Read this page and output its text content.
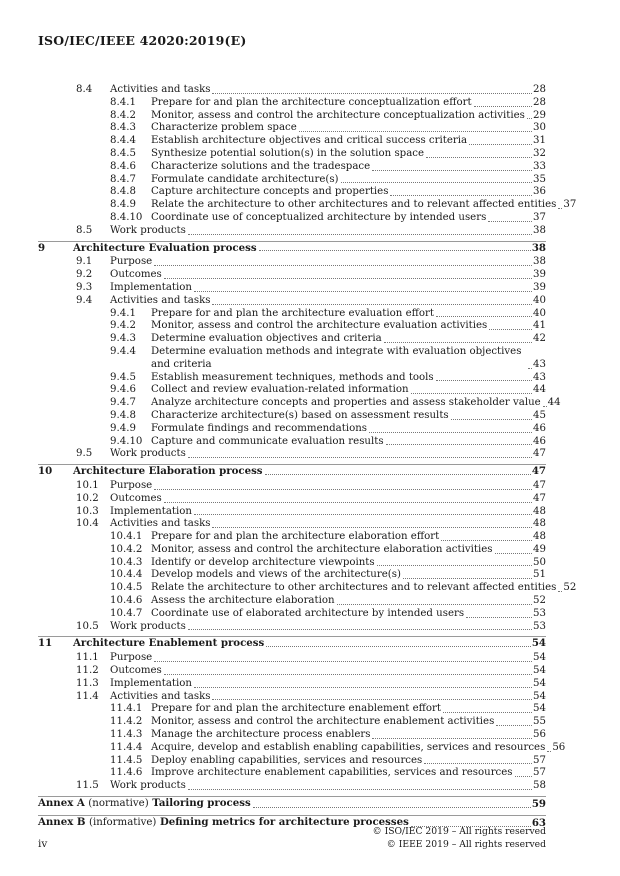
ISO/IEC/IEEE 42020:2019(E)
8.4 Activities and tasks	28
8.4.1 Prepare for and plan the architecture conceptualization effort	28
8.4.2 Monitor, assess and control the architecture conceptualization activities 29
8.4.3 Characterize problem space	30
8.4.4 Establish architecture objectives and critical success criteria	31
8.4.5 Synthesize potential solution(s) in the solution space	32
8.4.6 Characterize solutions and the tradespace	33
8.4.7 Formulate candidate architecture(s)	35
8.4.8 Capture architecture concepts and properties	36
8.4.9 Relate the architecture to other architectures and to relevant affected entities 37
8.4.10 Coordinate use of conceptualized architecture by intended users	37
8.5 Work products	38
9	Architecture Evaluation process	38
9.1 Purpose	38
9.2 Outcomes	39
9.3 Implementation	39
9.4 Activities and tasks	40
9.4.1 Prepare for and plan the architecture evaluation effort	40
9.4.2 Monitor, assess and control the architecture evaluation activities	41
9.4.3 Determine evaluation objectives and criteria	42
9.4.4 Determine evaluation methods and integrate with evaluation objectives and criteria	43
9.4.5 Establish measurement techniques, methods and tools	43
9.4.6 Collect and review evaluation-related information	44
9.4.7 Analyze architecture concepts and properties and assess stakeholder value 44
9.4.8 Characterize architecture(s) based on assessment results	45
9.4.9 Formulate findings and recommendations	46
9.4.10 Capture and communicate evaluation results	46
9.5 Work products	47
10 Architecture Elaboration process	47
10.1 Purpose	47
10.2 Outcomes	47
10.3 Implementation	48
10.4 Activities and tasks	48
10.4.1 Prepare for and plan the architecture elaboration effort	48
10.4.2 Monitor, assess and control the architecture elaboration activities	49
10.4.3 Identify or develop architecture viewpoints	50
10.4.4 Develop models and views of the architecture(s)	51
10.4.5 Relate the architecture to other architectures and to relevant affected entities 52
10.4.6 Assess the architecture elaboration	52
10.4.7 Coordinate use of elaborated architecture by intended users	53
10.5 Work products	53
11 Architecture Enablement process	54
11.1 Purpose	54
11.2 Outcomes	54
11.3 Implementation	54
11.4 Activities and tasks	54
11.4.1 Prepare for and plan the architecture enablement effort	54
11.4.2 Monitor, assess and control the architecture enablement activities	55
11.4.3 Manage the architecture process enablers	56
11.4.4 Acquire, develop and establish enabling capabilities, services and resources 56
11.4.5 Deploy enabling capabilities, services and resources	57
11.4.6 Improve architecture enablement capabilities, services and resources 57
11.5 Work products	58
Annex A (normative) Tailoring process	59
Annex B (informative) Defining metrics for architecture processes	63
© ISO/IEC 2019 – All rights reserved
© IEEE 2019 – All rights reserved
iv
